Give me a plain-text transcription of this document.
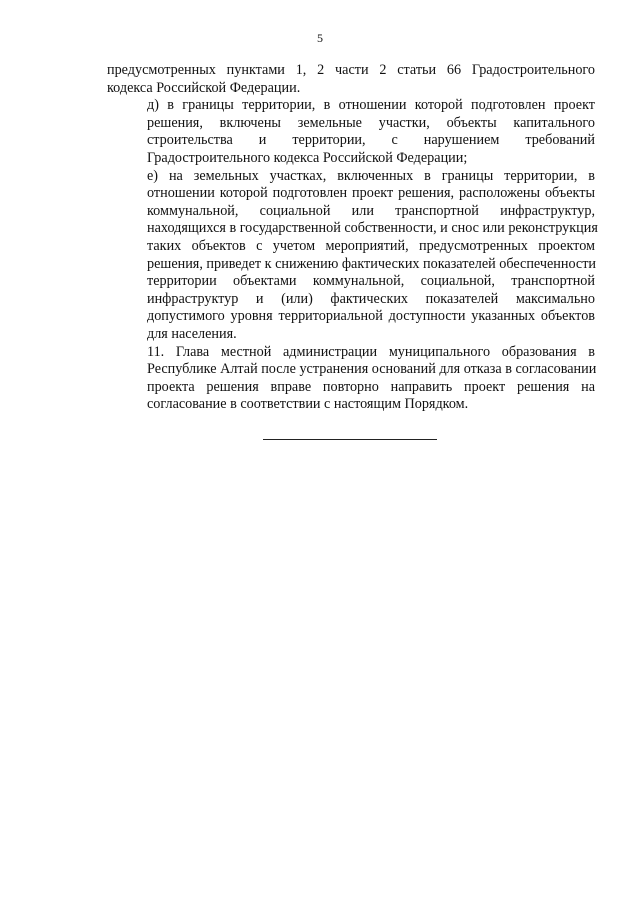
5

предусмотренных пунктами 1, 2 части 2 статьи 66 Градостроительного
кодекса Российской Федерации.

д) в границы территории, в отношении которой подготовлен проект
решения, включены земельные участки, объекты капитального
строительства и территории, с нарушением требований
Градостроительного кодекса Российской Федерации;

е) на земельных участках, включенных в границы территории, в
отношении которой подготовлен проект решения, расположены объекты
коммунальной, социальной или транспортной инфраструктур,
находящихся в государственной собственности, и снос или реконструкция
таких объектов с учетом мероприятий, предусмотренных проектом
решения, приведет к снижению фактических показателей обеспеченности
территории объектами коммунальной, социальной, транспортной
инфраструктур и (или) фактических показателей максимально
допустимого уровня территориальной доступности указанных объектов
для населения.

11. Глава местной администрации муниципального образования в
Республике Алтай после устранения оснований для отказа в согласовании
проекта решения вправе повторно направить проект решения на
согласование в соответствии с настоящим Порядком.
